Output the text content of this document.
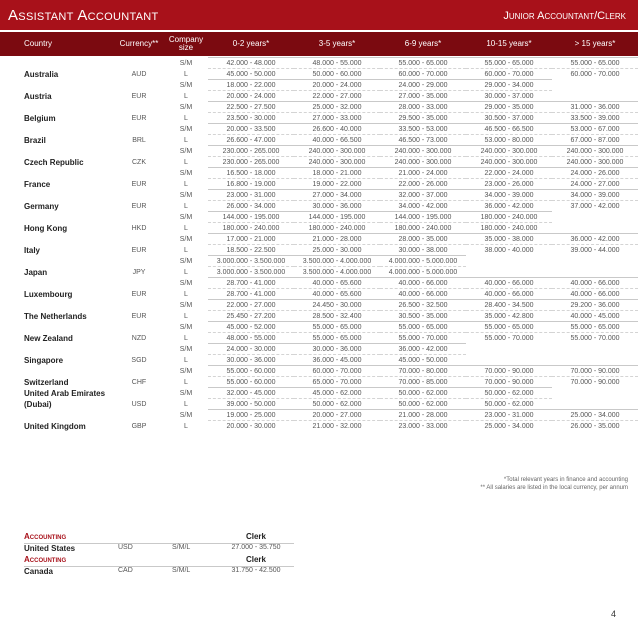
Assistant Accountant	Junior Accountant/Clerk
Country	Currency**	Company size	0-2 years*	3-5 years*	6-9 years*	10-15 years*	> 15 years*
		S/M	42.000 - 48.000	48.000 - 55.000	55.000 - 65.000	55.000 - 65.000	55.000 - 65.000
Australia	AUD	L	45.000 - 50.000	50.000 - 60.000	60.000 - 70.000	60.000 - 70.000	60.000 - 70.000
		S/M	18.000 - 22.000	20.000 - 24.000	24.000 - 29.000	29.000 - 34.000	
Austria	EUR	L	20.000 - 24.000	22.000 - 27.000	27.000 - 35.000	30.000 - 37.000	
		S/M	22.500 - 27.500	25.000 - 32.000	28.000 - 33.000	29.000 - 35.000	31.000 - 36.000
Belgium	EUR	L	23.500 - 30.000	27.000 - 33.000	29.500 - 35.000	30.500 - 37.000	33.500 - 39.000
		S/M	20.000 - 33.500	26.600 - 40.000	33.500 - 53.000	46.500 - 66.500	53.000 - 67.000
Brazil	BRL	L	26.600 - 47.000	40.000 - 66.500	46.500 - 73.000	53.000 - 80.000	67.000 - 87.000
		S/M	230.000 - 265.000	240.000 - 300.000	240.000 - 300.000	240.000 - 300.000	240.000 - 300.000
Czech Republic	CZK	L	230.000 - 265.000	240.000 - 300.000	240.000 - 300.000	240.000 - 300.000	240.000 - 300.000
		S/M	16.500 - 18.000	18.000 - 21.000	21.000 - 24.000	22.000 - 24.000	24.000 - 26.000
France	EUR	L	16.800 - 19.000	19.000 - 22.000	22.000 - 26.000	23.000 - 26.000	24.000 - 27.000
		S/M	23.000 - 31.000	27.000 - 34.000	32.000 - 37.000	34.000 - 39.000	34.000 - 39.000
Germany	EUR	L	26.000 - 34.000	30.000 - 36.000	34.000 - 42.000	36.000 - 42.000	37.000 - 42.000
		S/M	144.000 - 195.000	144.000 - 195.000	144.000 - 195.000	180.000 - 240.000	
Hong Kong	HKD	L	180.000 - 240.000	180.000 - 240.000	180.000 - 240.000	180.000 - 240.000	
		S/M	17.000 - 21.000	21.000 - 28.000	28.000 - 35.000	35.000 - 38.000	36.000 - 42.000
Italy	EUR	L	18.500 - 22.500	25.000 - 30.000	30.000 - 38.000	38.000 - 40.000	39.000 - 44.000
		S/M	3.000.000 - 3.500.000	3.500.000 - 4.000.000	4.000.000 - 5.000.000		
Japan	JPY	L	3.000.000 - 3.500.000	3.500.000 - 4.000.000	4.000.000 - 5.000.000		
		S/M	28.700 - 41.000	40.000 - 65.600	40.000 - 66.000	40.000 - 66.000	40.000 - 66.000
Luxembourg	EUR	L	28.700 - 41.000	40.000 - 65.600	40.000 - 66.000	40.000 - 66.000	40.000 - 66.000
		S/M	22.000 - 27.000	24.450 - 30.000	26.500 - 32.500	28.400 - 34.500	29.200 - 36.000
The Netherlands	EUR	L	25.450 - 27.200	28.500 - 32.400	30.500 - 35.000	35.000 - 42.800	40.000 - 45.000
		S/M	45.000 - 52.000	55.000 - 65.000	55.000 - 65.000	55.000 - 65.000	55.000 - 65.000
New Zealand	NZD	L	48.000 - 55.000	55.000 - 65.000	55.000 - 70.000	55.000 - 70.000	55.000 - 70.000
		S/M	24.000 - 30.000	30.000 - 36.000	36.000 - 42.000		
Singapore	SGD	L	30.000 - 36.000	36.000 - 45.000	45.000 - 50.000		
		S/M	55.000 - 60.000	60.000 - 70.000	70.000 - 80.000	70.000 - 90.000	70.000 - 90.000
Switzerland	CHF	L	55.000 - 60.000	65.000 - 70.000	70.000 - 85.000	70.000 - 90.000	70.000 - 90.000
United Arab Emirates		S/M	32.000 - 45.000	45.000 - 62.000	50.000 - 62.000	50.000 - 62.000	
(Dubai)	USD	L	39.000 - 50.000	50.000 - 62.000	50.000 - 62.000	50.000 - 62.000	
		S/M	19.000 - 25.000	20.000 - 27.000	21.000 - 28.000	23.000 - 31.000	25.000 - 34.000
United Kingdom	GBP	L	20.000 - 30.000	21.000 - 32.000	23.000 - 33.000	25.000 - 34.000	26.000 - 35.000
*Total relevant years in finance and accounting
** All salaries are listed in the local currency, per annum
Accounting	Clerk
United States	USD	S/M/L	27.000 - 35.750
Accounting	Clerk
Canada	CAD	S/M/L	31.750 - 42.500
4
